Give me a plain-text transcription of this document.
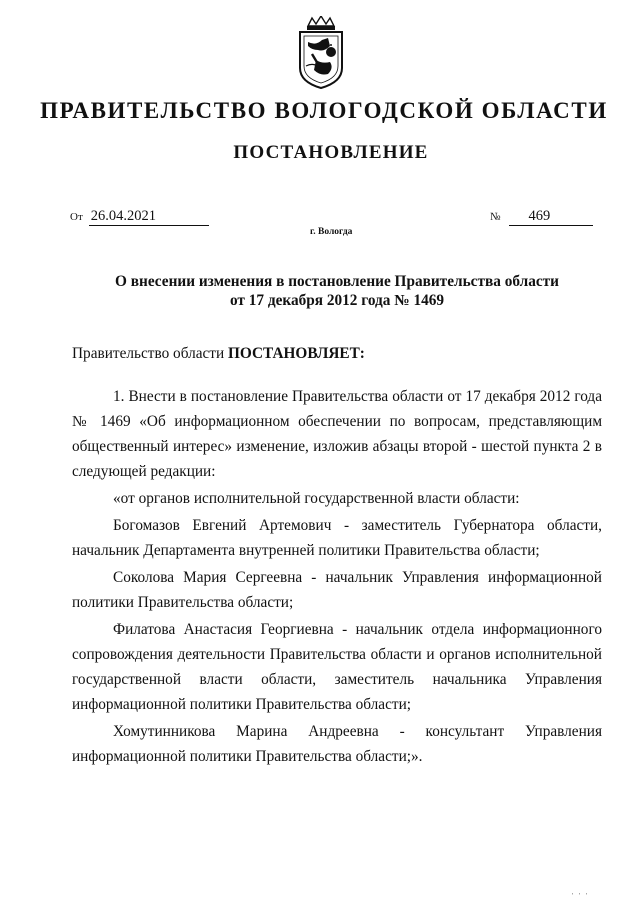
ПРАВИТЕЛЬСТВО ВОЛОГОДСКОЙ ОБЛАСТИ
ПОСТАНОВЛЕНИЕ
От 26.04.2021	№ 469
г. Вологда
О внесении изменения в постановление Правительства области
от 17 декабря 2012 года № 1469
Правительство области ПОСТАНОВЛЯЕТ:

1. Внести в постановление Правительства области от 17 декабря 2012 года № 1469 «Об информационном обеспечении по вопросам, представляющим общественный интерес» изменение, изложив абзацы второй - шестой пункта 2 в следующей редакции:

«от органов исполнительной государственной власти области:

Богомазов Евгений Артемович - заместитель Губернатора области, начальник Департамента внутренней политики Правительства области;

Соколова Мария Сергеевна - начальник Управления информационной политики Правительства области;

Филатова Анастасия Георгиевна - начальник отдела информационного сопровождения деятельности Правительства области и органов исполнительной государственной власти области, заместитель начальника Управления информационной политики Правительства области;

Хомутинникова Марина Андреевна - консультант Управления информационной политики Правительства области;».

' ' '
